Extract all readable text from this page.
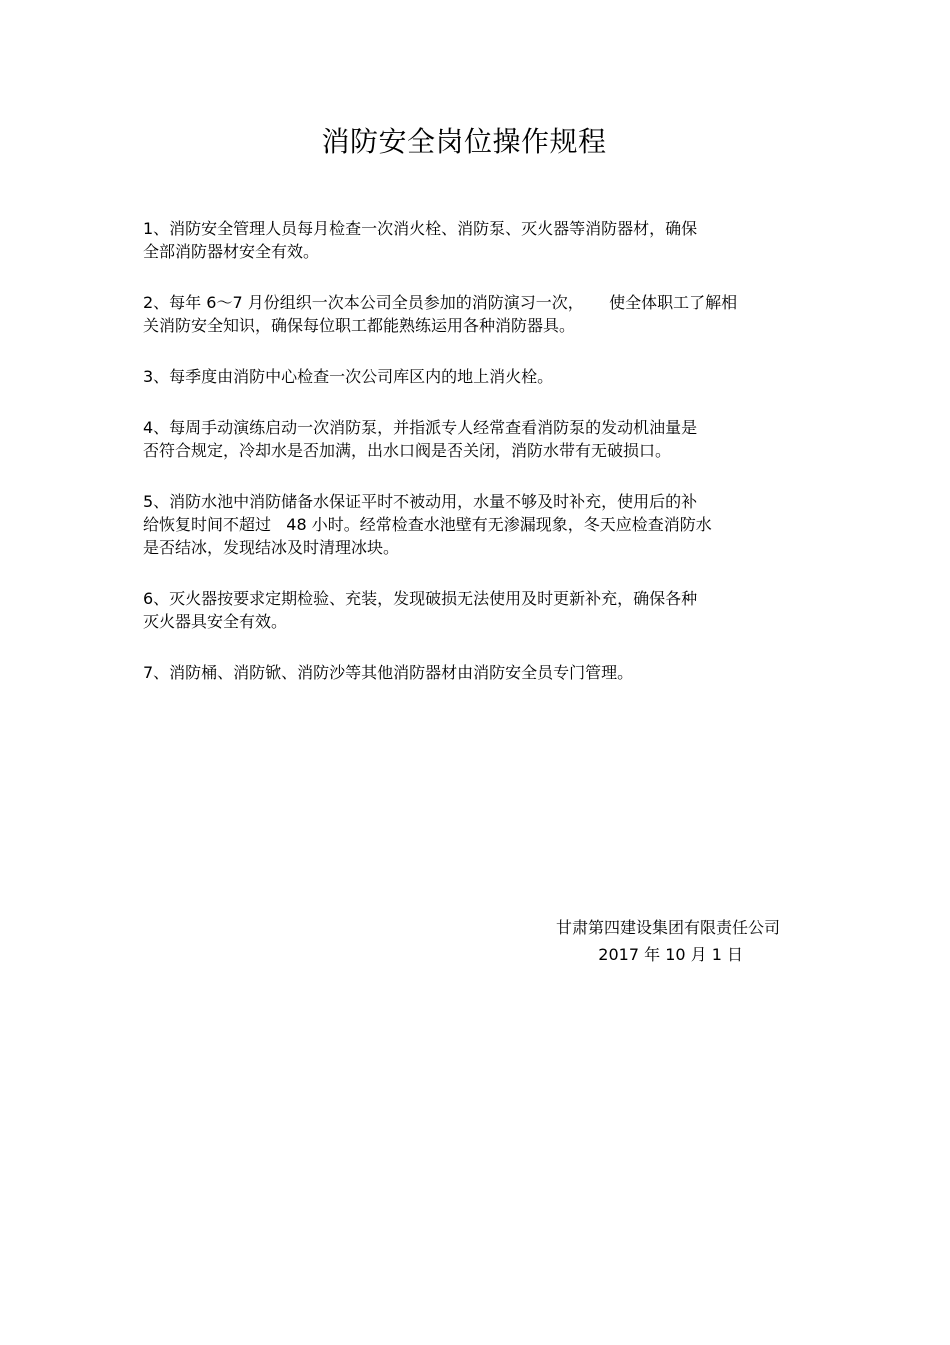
消防安全岗位操作规程

1、消防安全管理人员每月检查一次消火栓、消防泵、灭火器等消防器材，确保
全部消防器材安全有效。

2、每年 6～7 月份组织一次本公司全员参加的消防演习一次，     使全体职工了解相
关消防安全知识，确保每位职工都能熟练运用各种消防器具。

3、每季度由消防中心检查一次公司库区内的地上消火栓。

4、每周手动演练启动一次消防泵，并指派专人经常查看消防泵的发动机油量是
否符合规定，冷却水是否加满，出水口阀是否关闭，消防水带有无破损口。

5、消防水池中消防储备水保证平时不被动用，水量不够及时补充，使用后的补
给恢复时间不超过   48 小时。经常检查水池壁有无渗漏现象，冬天应检查消防水
是否结冰，发现结冰及时清理冰块。

6、灭火器按要求定期检验、充装，发现破损无法使用及时更新补充，确保各种
灭火器具安全有效。

7、消防桶、消防锨、消防沙等其他消防器材由消防安全员专门管理。

甘肃第四建设集团有限责任公司
2017 年 10 月 1 日
